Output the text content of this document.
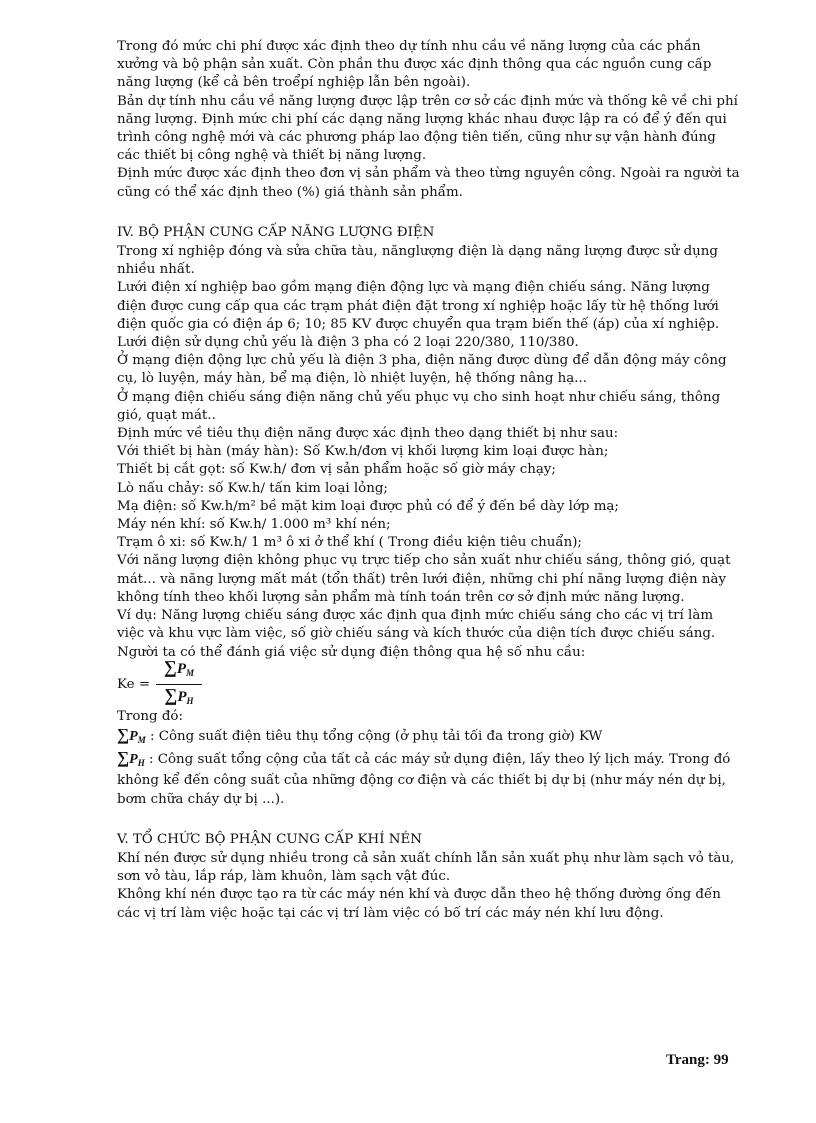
Trong đó mức chi phí được xác định theo dự tính nhu cầu về năng lượng của các phần xưởng và bộ phận sản xuất. Còn phần thu được xác định thông qua các nguồn cung cấp năng lượng (kể cả bên troểpí nghiệp lẫn bên ngoài).

Bản dự tính nhu cầu về năng lượng được lập trên cơ sở các định mức và thống kê về chi phí năng lượng. Định mức chi phí các dạng năng lượng khác nhau được lập ra có để ý đến qui trình công nghệ mới và các phương pháp lao động tiên tiến, cũng như sự vận hành đúng các thiết bị công nghệ và thiết bị năng lượng.

Định mức được xác định theo đơn vị sản phẩm và theo từng nguyên công. Ngoài ra người ta cũng có thể xác định theo (%) giá thành sản phẩm.

IV. BỘ PHẬN CUNG CẤP NĂNG LƯỢNG ĐIỆN

Trong xí nghiệp đóng và sửa chữa tàu, nănglượng điện là dạng năng lượng được sử dụng nhiều nhất.

Lưới điện xí nghiệp bao gồm mạng điện động lực và mạng điện chiếu sáng. Năng lượng điện được cung cấp qua các trạm phát điện đặt trong xí nghiệp hoặc lấy từ hệ thống lưới điện quốc gia có điện áp 6; 10; 85 KV được chuyển qua trạm biến thế (áp) của xí nghiệp. Lưới điện sử dụng chủ yếu là điện 3 pha có 2 loại 220/380, 110/380.

Ở mạng điện động lực chủ yếu là điện 3 pha, điện năng được dùng để dẫn động máy công cụ, lò luyện, máy hàn, bể mạ điện, lò nhiệt luyện, hệ thống nâng hạ...

Ở mạng điện chiếu sáng điện năng chủ yếu phục vụ cho sinh hoạt như chiếu sáng, thông gió, quạt mát..

Định mức về tiêu thụ điện năng được xác định theo dạng thiết bị như sau:

Với thiết bị hàn (máy hàn): Số Kw.h/đơn vị khối lượng kim loại được hàn;

Thiết bị cắt gọt: số Kw.h/ đơn vị sản phẩm hoặc số giờ máy chạy;

Lò nấu chảy: số Kw.h/ tấn kim loại lỏng;

Mạ điện: số Kw.h/m² bề mặt kim loại được phủ có để ý đến bề dày lớp mạ;

Máy nén khí: số Kw.h/ 1.000 m³ khí nén;

Trạm ô xi: số Kw.h/ 1 m³ ô xi ở thể khí ( Trong điều kiện tiêu chuẩn);

Với năng lượng điện không phục vụ trực tiếp cho sản xuất như chiếu sáng, thông gió, quạt mát... và năng lượng mất mát (tổn thất) trên lưới điện, những chi phí năng lượng điện này không tính theo khối lượng sản phẩm mà tính toán trên cơ sở định mức năng lượng.

Ví dụ: Năng lượng chiếu sáng được xác định qua định mức chiếu sáng cho các vị trí làm việc và khu vực làm việc, số giờ chiếu sáng và kích thước của diện tích được chiếu sáng.

Người ta có thể đánh giá việc sử dụng điện thông qua hệ số nhu cầu:

$Ke = \frac{\sum P_M}{\sum P_H}$

Trong đó:

$\sum P_M$ : Công suất điện tiêu thụ tổng cộng (ở phụ tải tối đa trong giờ) KW

$\sum P_H$ : Công suất tổng cộng của tất cả các máy sử dụng điện, lấy theo lý lịch máy. Trong đó không kể đến công suất của những động cơ điện và các thiết bị dự bị (như máy nén dự bị, bơm chữa cháy dự bị ...).

V. TỔ CHỨC BỘ PHẬN CUNG CẤP KHÍ NÉN

Khí nén được sử dụng nhiều trong cả sản xuất chính lẫn sản xuất phụ như làm sạch vỏ tàu, sơn vỏ tàu, lắp ráp, làm khuôn, làm sạch vật đúc.

Không khí nén được tạo ra từ các máy nén khí và được dẫn theo hệ thống đường ống đến các vị trí làm việc hoặc tại các vị trí làm việc có bố trí các máy nén khí lưu động.

Trang: 99
